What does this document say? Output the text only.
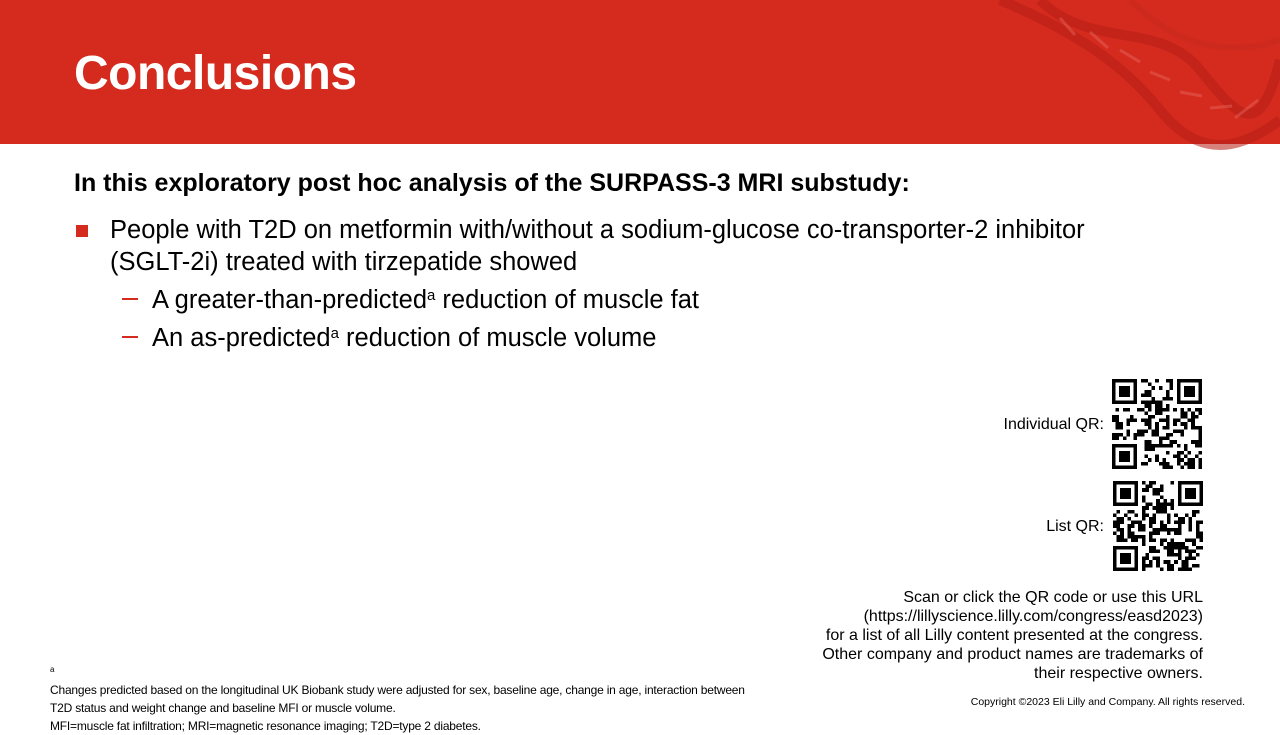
Conclusions
In this exploratory post hoc analysis of the SURPASS-3 MRI substudy:
People with T2D on metformin with/without a sodium-glucose co-transporter-2 inhibitor
(SGLT-2i) treated with tirzepatide showed
A greater-than-predicted$^a$ reduction of muscle fat
An as-predicted$^a$ reduction of muscle volume
Individual QR:
List QR:
Scan or click the QR code or use this URL
(https://lillyscience.lilly.com/congress/easd2023)
for a list of all Lilly content presented at the congress.
Other company and product names are trademarks of
their respective owners.
$^a$
Changes predicted based on the longitudinal UK Biobank study were adjusted for sex, baseline age, change in age, interaction between
T2D status and weight change and baseline MFI or muscle volume.
MFI=muscle fat infiltration; MRI=magnetic resonance imaging; T2D=type 2 diabetes.
Copyright ©2023 Eli Lilly and Company. All rights reserved.
